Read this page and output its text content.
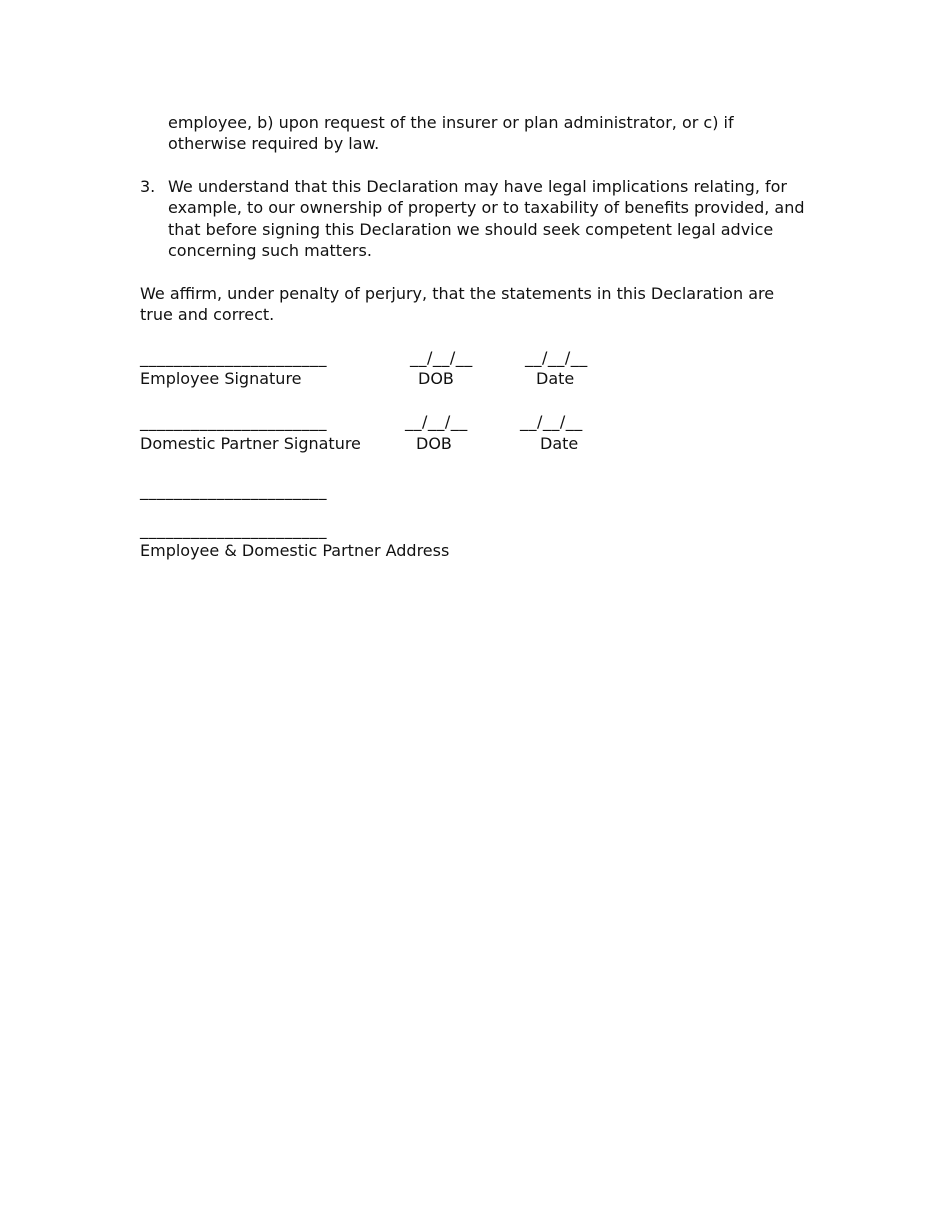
employee, b) upon request of the insurer or plan administrator, or c) if
otherwise required by law.
3. We understand that this Declaration may have legal implications relating, for
example, to our ownership of property or to taxability of benefits provided, and
that before signing this Declaration we should seek competent legal advice
concerning such matters.
We affirm, under penalty of perjury, that the statements in this Declaration are
true and correct.
______________________	__/__/__	__/__/__
Employee Signature	DOB	Date
______________________	__/__/__	__/__/__
Domestic Partner Signature	DOB	Date
______________________
______________________
Employee & Domestic Partner Address
